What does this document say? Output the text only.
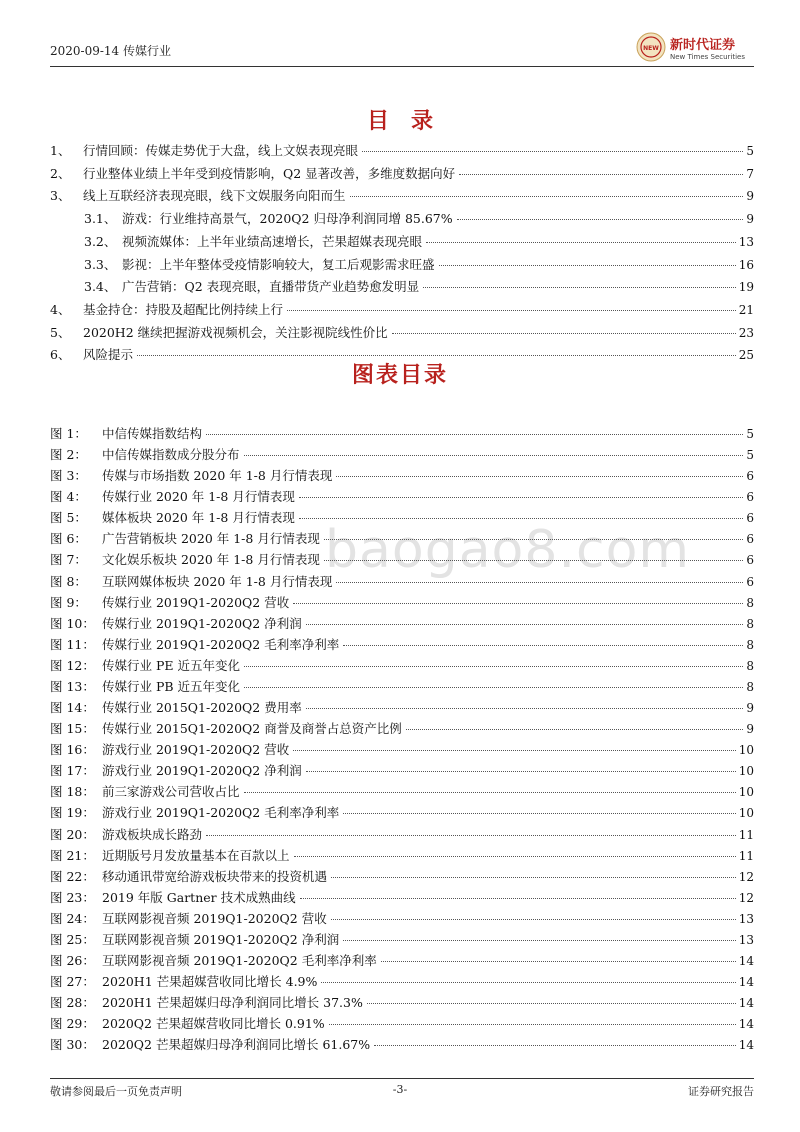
2020-09-14 传媒行业	NEW 新时代证券
New Times Securities
baogao8.com
目录
1、	行情回顾：传媒走势优于大盘，线上文娱表现亮眼	5
2、	行业整体业绩上半年受到疫情影响，Q2 显著改善，多维度数据向好	7
3、	线上互联经济表现亮眼，线下文娱服务向阳而生	9
3.1、 游戏：行业维持高景气，2020Q2 归母净利润同增 85.67%	9
3.2、 视频流媒体：上半年业绩高速增长，芒果超媒表现亮眼	13
3.3、 影视：上半年整体受疫情影响较大，复工后观影需求旺盛	16
3.4、 广告营销：Q2 表现亮眼，直播带货产业趋势愈发明显	19
4、	基金持仓：持股及超配比例持续上行	21
5、	2020H2 继续把握游戏视频机会，关注影视院线性价比	23
6、	风险提示	25
图表目录
图 1：	中信传媒指数结构	5
图 2：	中信传媒指数成分股分布	5
图 3：	传媒与市场指数 2020 年 1-8 月行情表现	6
图 4：	传媒行业 2020 年 1-8 月行情表现	6
图 5：	媒体板块 2020 年 1-8 月行情表现	6
图 6：	广告营销板块 2020 年 1-8 月行情表现	6
图 7：	文化娱乐板块 2020 年 1-8 月行情表现	6
图 8：	互联网媒体板块 2020 年 1-8 月行情表现	6
图 9：	传媒行业 2019Q1-2020Q2 营收	8
图 10： 传媒行业 2019Q1-2020Q2 净利润	8
图 11： 传媒行业 2019Q1-2020Q2 毛利率净利率	8
图 12： 传媒行业 PE 近五年变化	8
图 13： 传媒行业 PB 近五年变化	8
图 14： 传媒行业 2015Q1-2020Q2 费用率	9
图 15： 传媒行业 2015Q1-2020Q2 商誉及商誉占总资产比例	9
图 16： 游戏行业 2019Q1-2020Q2 营收	10
图 17： 游戏行业 2019Q1-2020Q2 净利润	10
图 18： 前三家游戏公司营收占比	10
图 19： 游戏行业 2019Q1-2020Q2 毛利率净利率	10
图 20： 游戏板块成长路劲	11
图 21： 近期版号月发放量基本在百款以上	11
图 22： 移动通讯带宽给游戏板块带来的投资机遇	12
图 23： 2019 年版 Gartner 技术成熟曲线	12
图 24： 互联网影视音频 2019Q1-2020Q2 营收	13
图 25： 互联网影视音频 2019Q1-2020Q2 净利润	13
图 26： 互联网影视音频 2019Q1-2020Q2 毛利率净利率	14
图 27： 2020H1 芒果超媒营收同比增长 4.9%	14
图 28： 2020H1 芒果超媒归母净利润同比增长 37.3%	14
图 29： 2020Q2 芒果超媒营收同比增长 0.91%	14
图 30： 2020Q2 芒果超媒归母净利润同比增长 61.67%	14
敬请参阅最后一页免责声明	-3-	证券研究报告
